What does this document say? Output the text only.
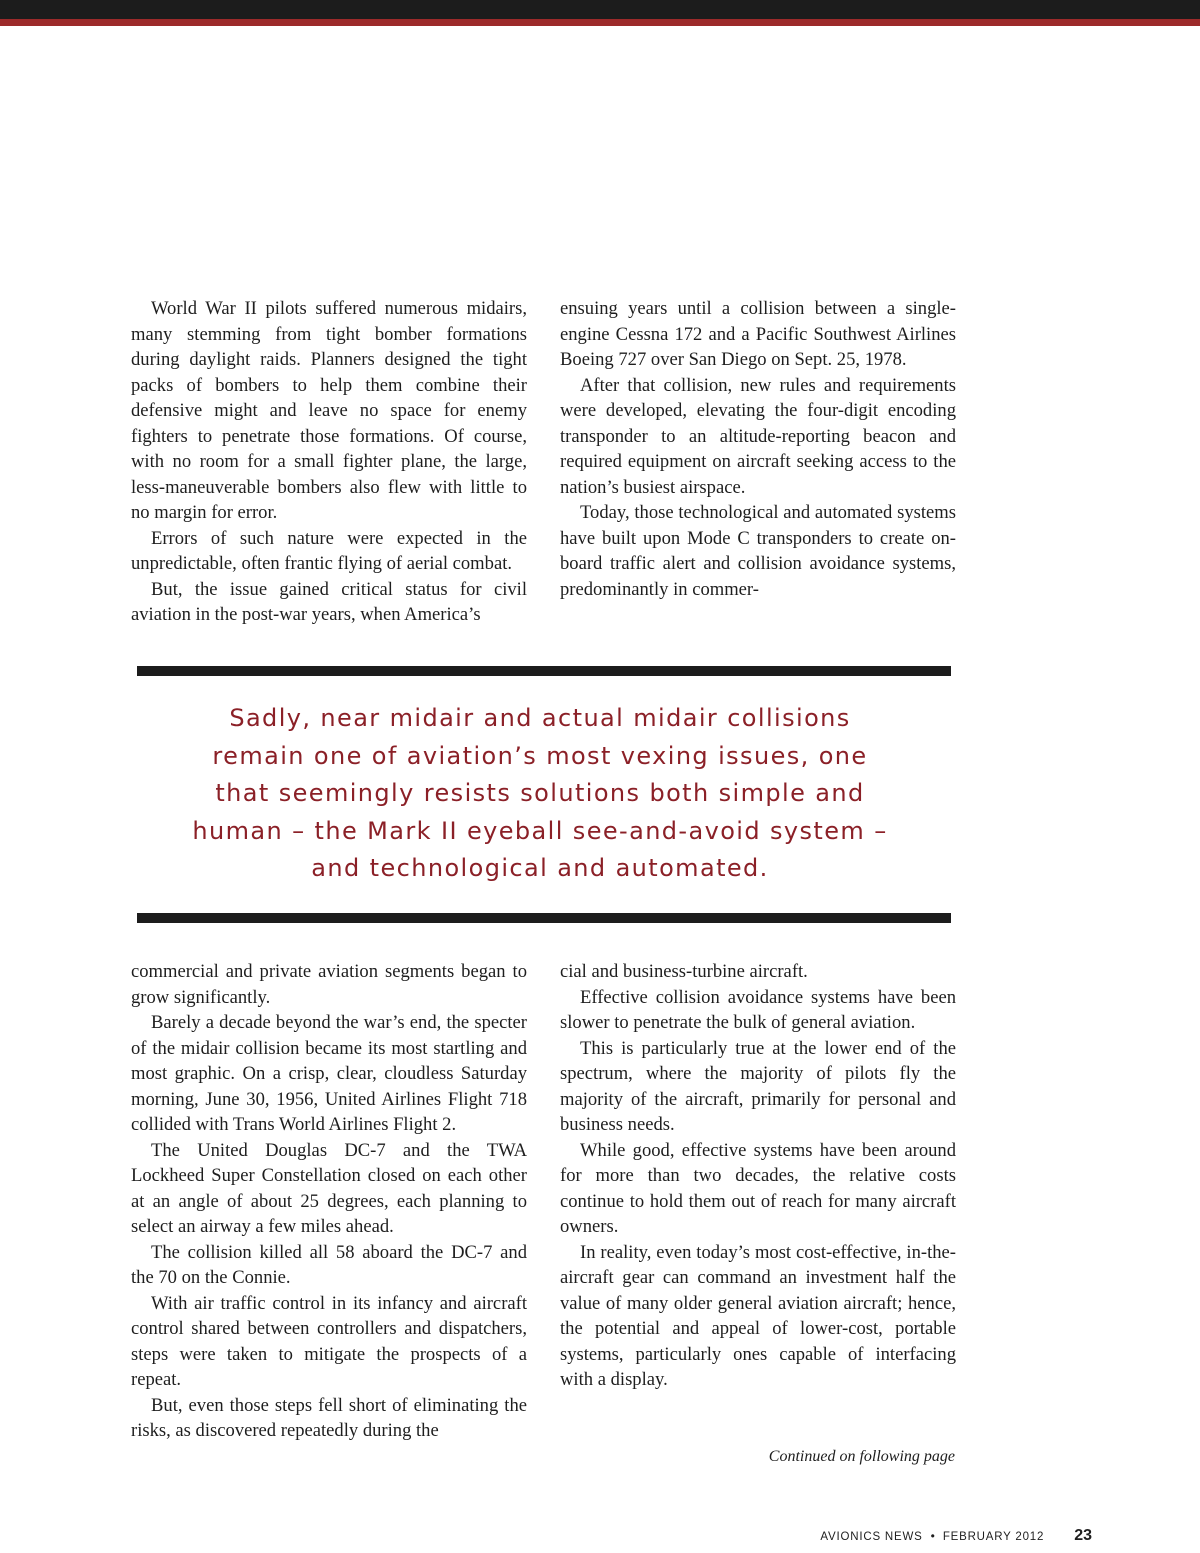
World War II pilots suffered numerous midairs, many stemming from tight bomber formations during daylight raids. Planners designed the tight packs of bombers to help them combine their defensive might and leave no space for enemy fighters to penetrate those formations. Of course, with no room for a small fighter plane, the large, less-maneuverable bombers also flew with little to no margin for error.

Errors of such nature were expected in the unpredictable, often frantic flying of aerial combat.

But, the issue gained critical status for civil aviation in the post-war years, when America’s

ensuing years until a collision between a single-engine Cessna 172 and a Pacific Southwest Airlines Boeing 727 over San Diego on Sept. 25, 1978.

After that collision, new rules and requirements were developed, elevating the four-digit encoding transponder to an altitude-reporting beacon and required equipment on aircraft seeking access to the nation’s busiest airspace.

Today, those technological and automated systems have built upon Mode C transponders to create on-board traffic alert and collision avoidance systems, predominantly in commer-

Sadly, near midair and actual midair collisions
remain one of aviation’s most vexing issues, one
that seemingly resists solutions both simple and
human – the Mark II eyeball see-and-avoid system –
and technological and automated.

commercial and private aviation segments began to grow significantly.

Barely a decade beyond the war’s end, the specter of the midair collision became its most startling and most graphic. On a crisp, clear, cloudless Saturday morning, June 30, 1956, United Airlines Flight 718 collided with Trans World Airlines Flight 2.

The United Douglas DC-7 and the TWA Lockheed Super Constellation closed on each other at an angle of about 25 degrees, each planning to select an airway a few miles ahead.

The collision killed all 58 aboard the DC-7 and the 70 on the Connie.

With air traffic control in its infancy and aircraft control shared between controllers and dispatchers, steps were taken to mitigate the prospects of a repeat.

But, even those steps fell short of eliminating the risks, as discovered repeatedly during the

cial and business-turbine aircraft.

Effective collision avoidance systems have been slower to penetrate the bulk of general aviation.

This is particularly true at the lower end of the spectrum, where the majority of pilots fly the majority of the aircraft, primarily for personal and business needs.

While good, effective systems have been around for more than two decades, the relative costs continue to hold them out of reach for many aircraft owners.

In reality, even today’s most cost-effective, in-the-aircraft gear can command an investment half the value of many older general aviation aircraft; hence, the potential and appeal of lower-cost, portable systems, particularly ones capable of interfacing with a display.

Continued on following page
AVIONICS NEWS • FEBRUARY 2012 23
